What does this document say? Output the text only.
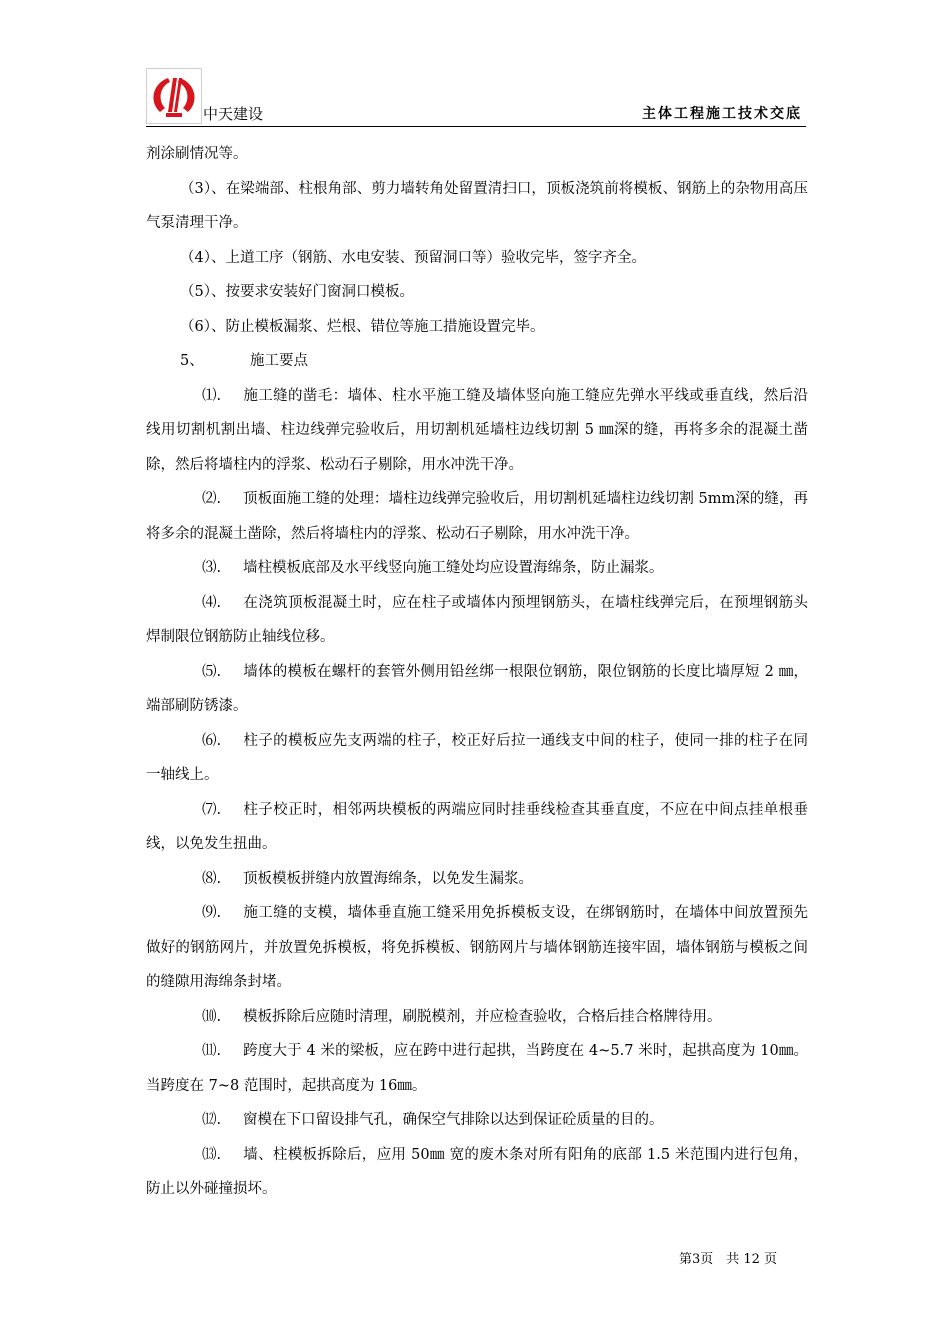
中天建设	主体工程施工技术交底

剂涂刷情况等。

（3）、在梁端部、柱根角部、剪力墙转角处留置清扫口，顶板浇筑前将模板、钢筋上的杂物用高压气泵清理干净。

（4）、上道工序（钢筋、水电安装、预留洞口等）验收完毕，签字齐全。

（5）、按要求安装好门窗洞口模板。

（6）、防止模板漏浆、烂根、错位等施工措施设置完毕。

5、	施工要点

⑴. 施工缝的凿毛：墙体、柱水平施工缝及墙体竖向施工缝应先弹水平线或垂直线，然后沿线用切割机割出墙、柱边线弹完验收后，用切割机延墙柱边线切割 5 ㎜深的缝，再将多余的混凝土凿除，然后将墙柱内的浮浆、松动石子剔除，用水冲洗干净。

⑵. 顶板面施工缝的处理：墙柱边线弹完验收后，用切割机延墙柱边线切割 5mm深的缝，再将多余的混凝土凿除，然后将墙柱内的浮浆、松动石子剔除，用水冲洗干净。

⑶. 墙柱模板底部及水平线竖向施工缝处均应设置海绵条，防止漏浆。

⑷. 在浇筑顶板混凝土时，应在柱子或墙体内预埋钢筋头，在墙柱线弹完后，在预埋钢筋头焊制限位钢筋防止轴线位移。

⑸. 墙体的模板在螺杆的套管外侧用铅丝绑一根限位钢筋，限位钢筋的长度比墙厚短 2 ㎜，端部刷防锈漆。

⑹. 柱子的模板应先支两端的柱子，校正好后拉一通线支中间的柱子，使同一排的柱子在同一轴线上。

⑺. 柱子校正时，相邻两块模板的两端应同时挂垂线检查其垂直度，不应在中间点挂单根垂线，以免发生扭曲。

⑻. 顶板模板拼缝内放置海绵条，以免发生漏浆。

⑼. 施工缝的支模，墙体垂直施工缝采用免拆模板支设，在绑钢筋时，在墙体中间放置预先做好的钢筋网片，并放置免拆模板，将免拆模板、钢筋网片与墙体钢筋连接牢固，墙体钢筋与模板之间的缝隙用海绵条封堵。

⑽. 模板拆除后应随时清理，刷脱模剂，并应检查验收，合格后挂合格牌待用。

⑾. 跨度大于 4 米的梁板，应在跨中进行起拱，当跨度在 4~5.7 米时，起拱高度为 10㎜。当跨度在 7~8 范围时，起拱高度为 16㎜。

⑿. 窗模在下口留设排气孔，确保空气排除以达到保证砼质量的目的。

⒀. 墙、柱模板拆除后，应用 50㎜ 宽的废木条对所有阳角的底部 1.5 米范围内进行包角，防止以外碰撞损坏。

第3页　共 12 页
